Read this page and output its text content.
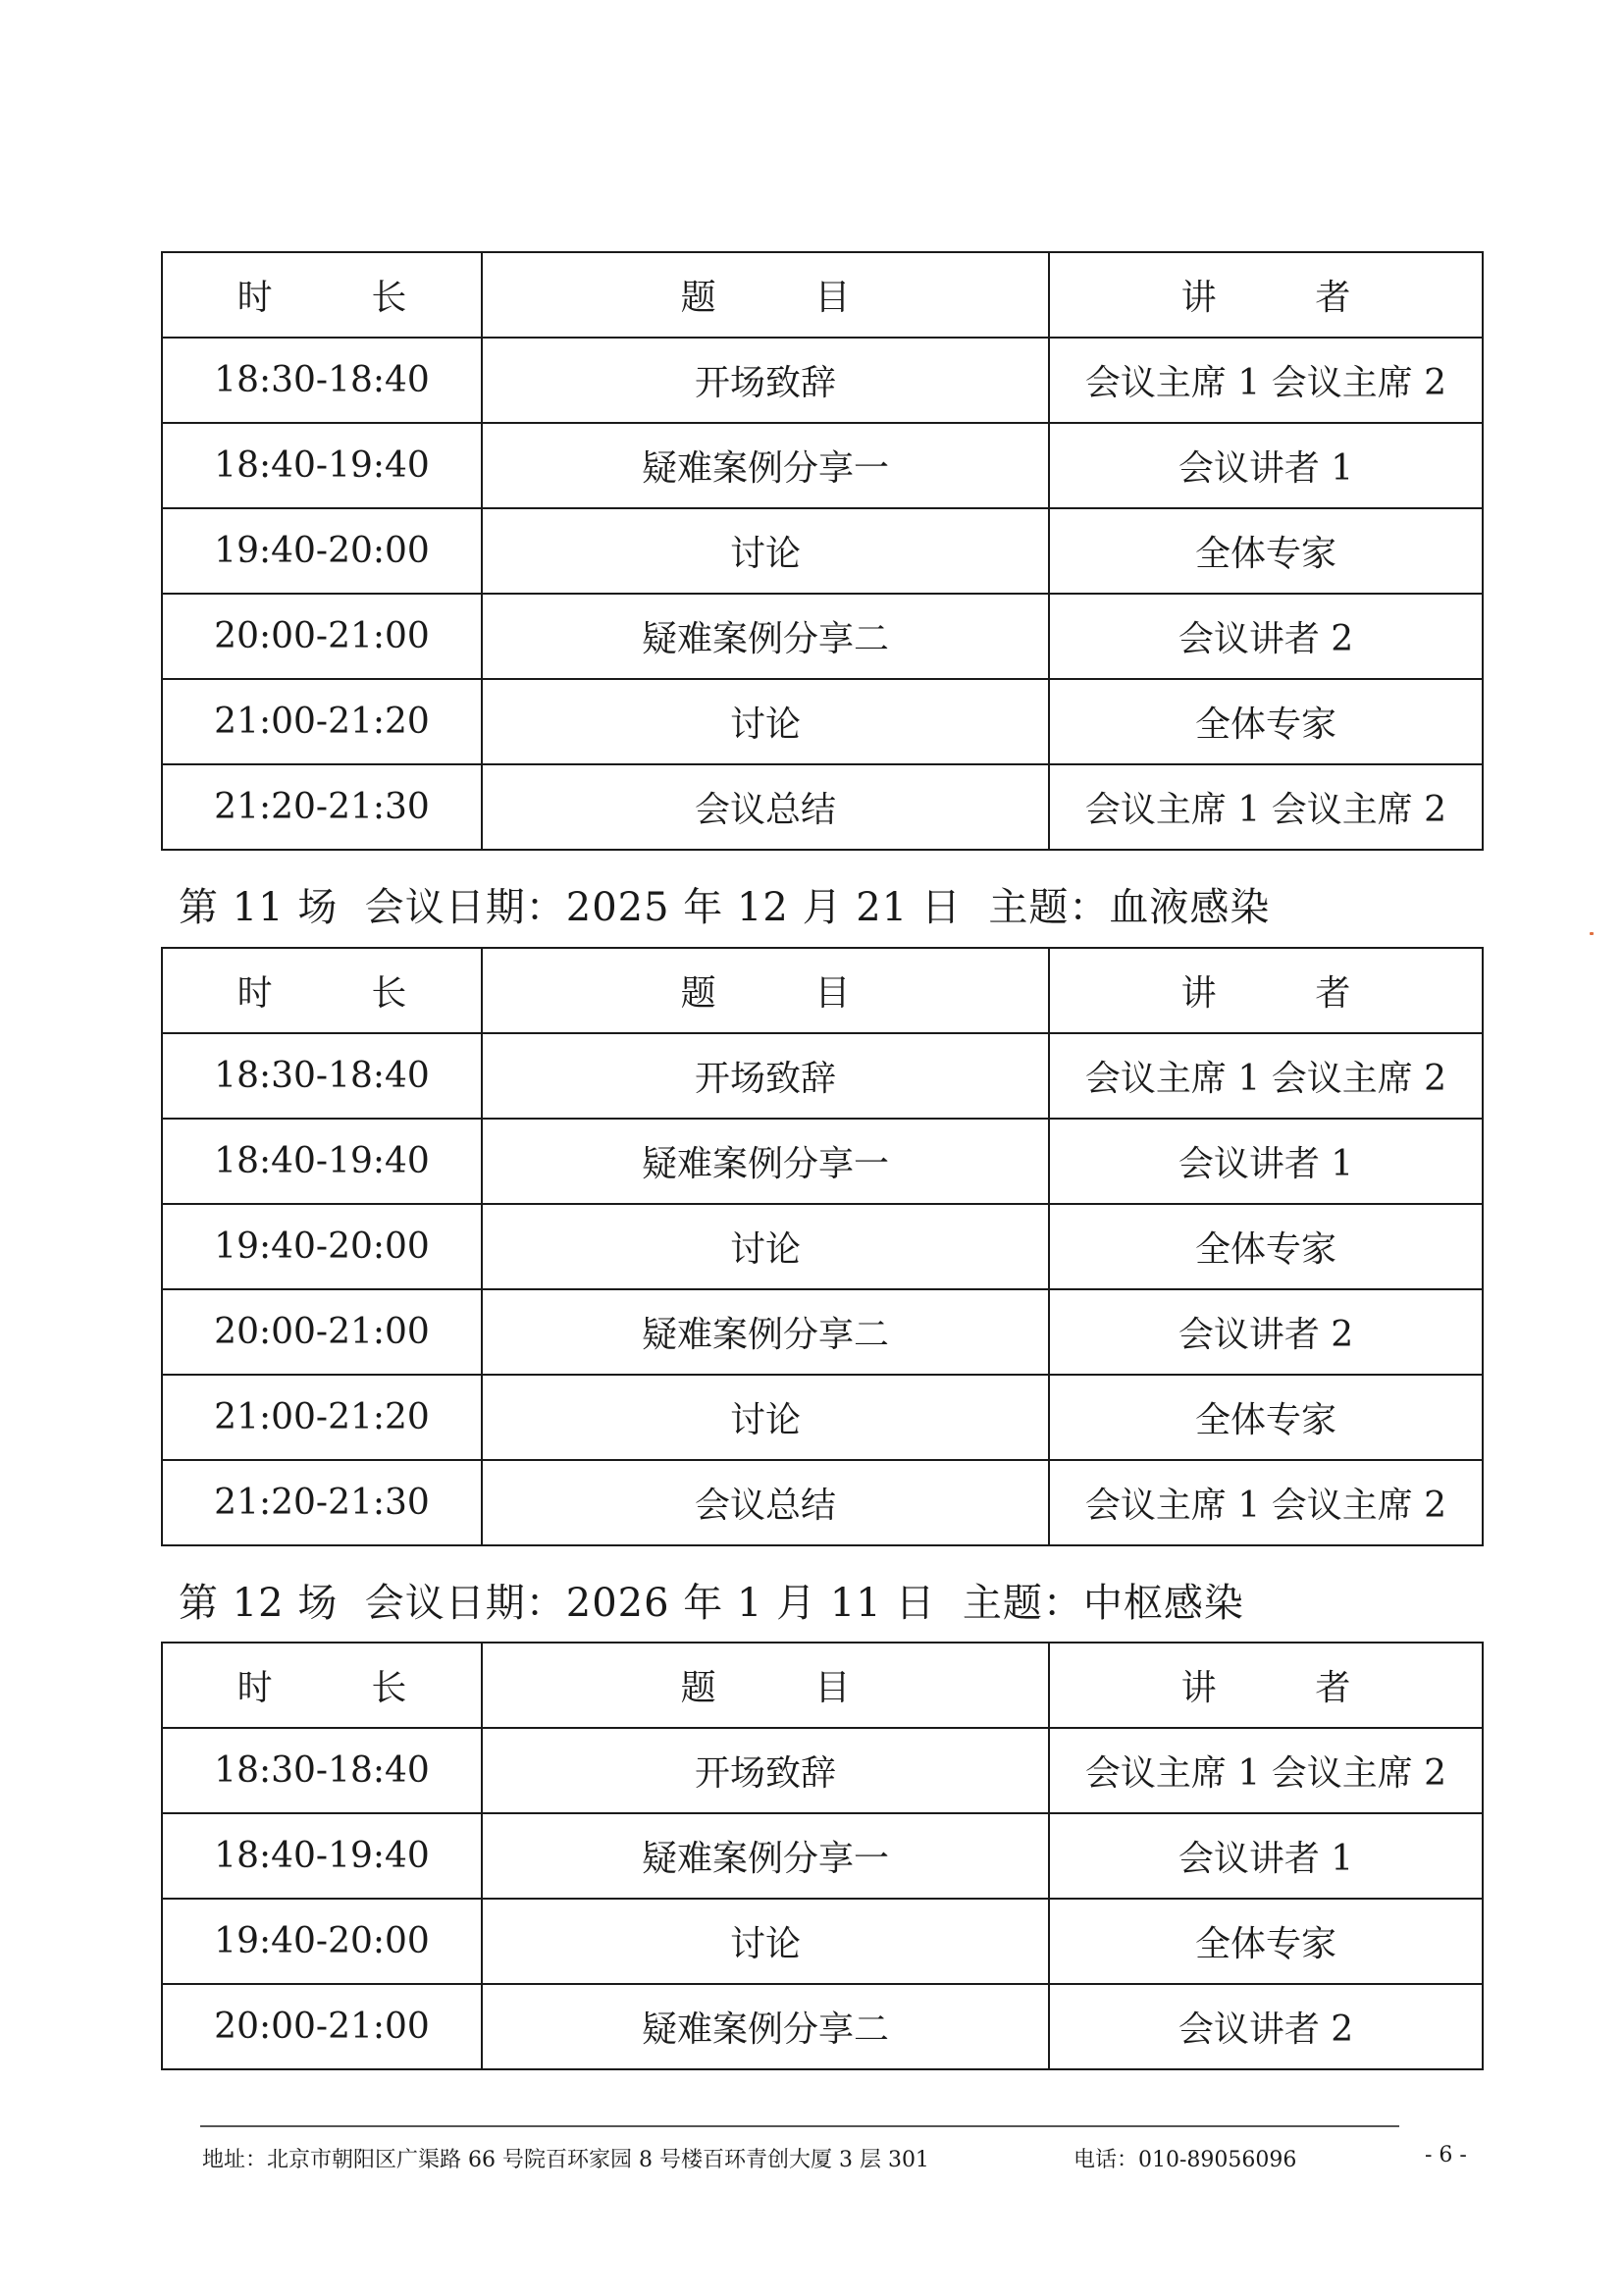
时　长	题　目	讲　者
18:30-18:40	开场致辞	会议主席 1 会议主席 2
18:40-19:40	疑难案例分享一	会议讲者 1
19:40-20:00	讨论	全体专家
20:00-21:00	疑难案例分享二	会议讲者 2
21:00-21:20	讨论	全体专家
21:20-21:30	会议总结	会议主席 1 会议主席 2
第 11 场  会议日期：2025 年 12 月 21 日  主题：血液感染
时　长	题　目	讲　者
18:30-18:40	开场致辞	会议主席 1 会议主席 2
18:40-19:40	疑难案例分享一	会议讲者 1
19:40-20:00	讨论	全体专家
20:00-21:00	疑难案例分享二	会议讲者 2
21:00-21:20	讨论	全体专家
21:20-21:30	会议总结	会议主席 1 会议主席 2
第 12 场  会议日期：2026 年 1 月 11 日  主题：中枢感染
时　长	题　目	讲　者
18:30-18:40	开场致辞	会议主席 1 会议主席 2
18:40-19:40	疑难案例分享一	会议讲者 1
19:40-20:00	讨论	全体专家
20:00-21:00	疑难案例分享二	会议讲者 2
地址：北京市朝阳区广渠路 66 号院百环家园 8 号楼百环青创大厦 3 层 301	电话：010-89056096	- 6 -
